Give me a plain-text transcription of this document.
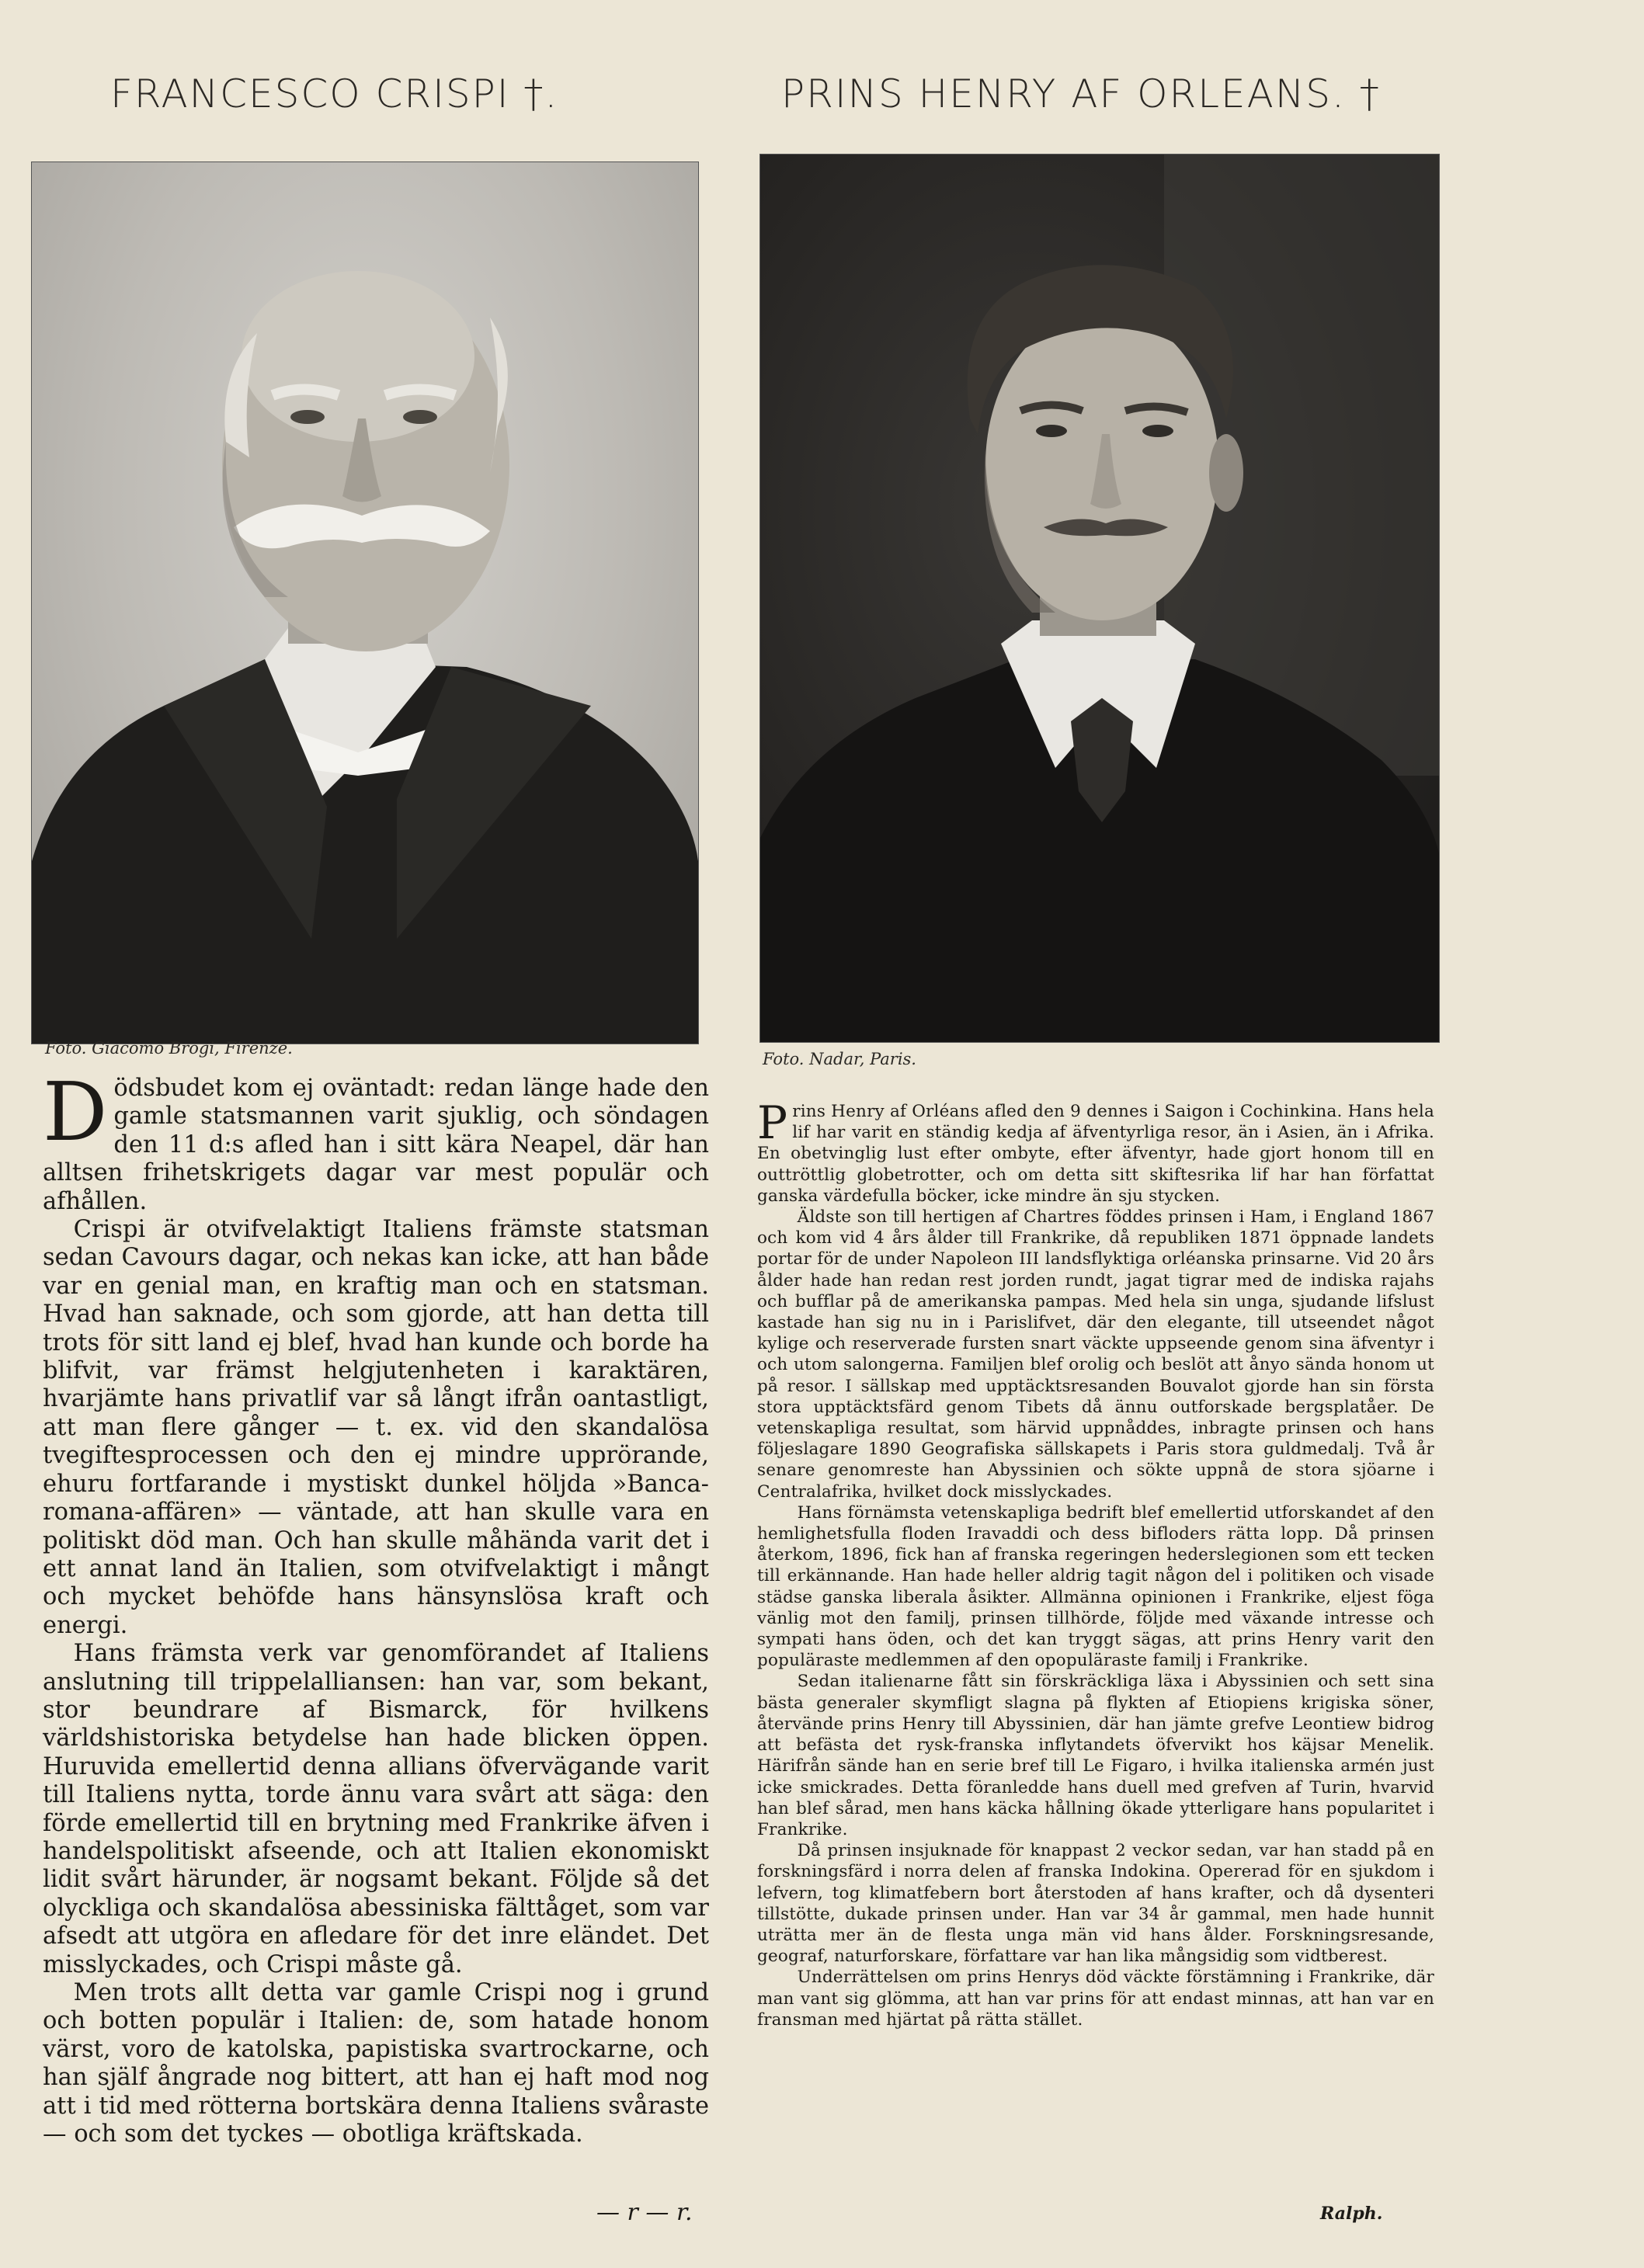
FRANCESCO CRISPI †.	PRINS HENRY AF ORLEANS. †
Foto. Giacomo Brogi, Firenze.
Foto. Nadar, Paris.

Dödsbudet kom ej oväntadt: redan länge hade den gamle statsmannen varit sjuklig, och söndagen den 11 d:s afled han i sitt kära Neapel, där han alltsen frihetskrigets dagar var mest populär och afhållen.

Crispi är otvifvelaktigt Italiens främste statsman sedan Cavours dagar, och nekas kan icke, att han både var en genial man, en kraftig man och en statsman. Hvad han saknade, och som gjorde, att han detta till trots för sitt land ej blef, hvad han kunde och borde ha blifvit, var främst helgjutenheten i karaktären, hvarjämte hans privatlif var så långt ifrån oantastligt, att man flere gånger — t. ex. vid den skandalösa tvegiftesprocessen och den ej mindre upprörande, ehuru fortfarande i mystiskt dunkel höljda »Banca-romana-affären» — väntade, att han skulle vara en politiskt död man. Och han skulle måhända varit det i ett annat land än Italien, som otvifvelaktigt i mångt och mycket behöfde hans hänsynslösa kraft och energi.

Hans främsta verk var genomförandet af Italiens anslutning till trippelalliansen: han var, som bekant, stor beundrare af Bismarck, för hvilkens världshistoriska betydelse han hade blicken öppen. Huruvida emellertid denna allians öfvervägande varit till Italiens nytta, torde ännu vara svårt att säga: den förde emellertid till en brytning med Frankrike äfven i handelspolitiskt afseende, och att Italien ekonomiskt lidit svårt härunder, är nogsamt bekant. Följde så det olyckliga och skandalösa abessiniska fälttåget, som var afsedt att utgöra en afledare för det inre eländet. Det misslyckades, och Crispi måste gå.

Men trots allt detta var gamle Crispi nog i grund och botten populär i Italien: de, som hatade honom värst, voro de katolska, papistiska svartrockarne, och han själf ångrade nog bittert, att han ej haft mod nog att i tid med rötterna bortskära denna Italiens svåraste — och som det tyckes — obotliga kräftskada.

— r — r.

Prins Henry af Orléans afled den 9 dennes i Saigon i Cochinkina. Hans hela lif har varit en ständig kedja af äfventyrliga resor, än i Asien, än i Afrika. En obetvinglig lust efter ombyte, efter äfventyr, hade gjort honom till en outtröttlig globetrotter, och om detta sitt skiftesrika lif har han författat ganska värdefulla böcker, icke mindre än sju stycken.

Äldste son till hertigen af Chartres föddes prinsen i Ham, i England 1867 och kom vid 4 års ålder till Frankrike, då republiken 1871 öppnade landets portar för de under Napoleon III landsflyktiga orléanska prinsarne. Vid 20 års ålder hade han redan rest jorden rundt, jagat tigrar med de indiska rajahs och bufflar på de amerikanska pampas. Med hela sin unga, sjudande lifslust kastade han sig nu in i Parislifvet, där den elegante, till utseendet något kylige och reserverade fursten snart väckte uppseende genom sina äfventyr i och utom salongerna. Familjen blef orolig och beslöt att ånyo sända honom ut på resor. I sällskap med upptäcktsresanden Bouvalot gjorde han sin första stora upptäcktsfärd genom Tibets då ännu outforskade bergsplatåer. De vetenskapliga resultat, som härvid uppnåddes, inbragte prinsen och hans följeslagare 1890 Geografiska sällskapets i Paris stora guldmedalj. Två år senare genomreste han Abyssinien och sökte uppnå de stora sjöarne i Centralafrika, hvilket dock misslyckades.

Hans förnämsta vetenskapliga bedrift blef emellertid utforskandet af den hemlighetsfulla floden Iravaddi och dess bifloders rätta lopp. Då prinsen återkom, 1896, fick han af franska regeringen hederslegionen som ett tecken till erkännande. Han hade heller aldrig tagit någon del i politiken och visade städse ganska liberala åsikter. Allmänna opinionen i Frankrike, eljest föga vänlig mot den familj, prinsen tillhörde, följde med växande intresse och sympati hans öden, och det kan tryggt sägas, att prins Henry varit den populäraste medlemmen af den opopuläraste familj i Frankrike.

Sedan italienarne fått sin förskräckliga läxa i Abyssinien och sett sina bästa generaler skymfligt slagna på flykten af Etiopiens krigiska söner, återvände prins Henry till Abyssinien, där han jämte grefve Leontiew bidrog att befästa det rysk-franska inflytandets öfvervikt hos käjsar Menelik. Härifrån sände han en serie bref till Le Figaro, i hvilka italienska armén just icke smickrades. Detta föranledde hans duell med grefven af Turin, hvarvid han blef sårad, men hans käcka hållning ökade ytterligare hans popularitet i Frankrike.

Då prinsen insjuknade för knappast 2 veckor sedan, var han stadd på en forskningsfärd i norra delen af franska Indokina. Opererad för en sjukdom i lefvern, tog klimatfebern bort återstoden af hans krafter, och då dysenteri tillstötte, dukade prinsen under. Han var 34 år gammal, men hade hunnit uträtta mer än de flesta unga män vid hans ålder. Forskningsresande, geograf, naturforskare, författare var han lika mångsidig som vidtberest.

Underrättelsen om prins Henrys död väckte förstämning i Frankrike, där man vant sig glömma, att han var prins för att endast minnas, att han var en fransman med hjärtat på rätta stället.

Ralph.
